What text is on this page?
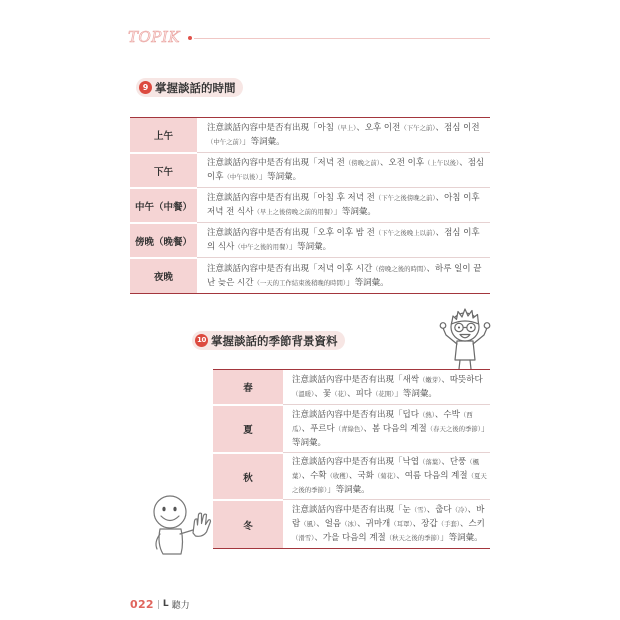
TOPIK
9 掌握談話的時間
上午
注意談話內容中是否有出現「아침（早上）、오후 이전（下午之前）、점심 이전（中午之前）」等詞彙。
下午
注意談話內容中是否有出現「저녁 전（傍晚之前）、오전 이후（上午以後）、점심 이후（中午以後）」等詞彙。
中午（中餐）
注意談話內容中是否有出現「아침 후 저녁 전（下午之後傍晚之前）、아침 이후 저녁 전 식사（早上之後傍晚之前的用餐）」等詞彙。
傍晚（晚餐）
注意談話內容中是否有出現「오후 이후 밤 전（下午之後晚上以前）、점심 이후의 식사（中午之後的用餐）」等詞彙。
夜晚
注意談話內容中是否有出現「저녁 이후 시간（傍晚之後的時間）、하루 일이 끝난 늦은 시간（一天的工作結束後稍晚的時間）」等詞彙。
10 掌握談話的季節背景資料
春
注意談話內容中是否有出現「새싹（嫩芽）、따뜻하다（溫暖）、꽃（花）、피다（花開）」等詞彙。
夏
注意談話內容中是否有出現「덥다（熱）、수박（西瓜）、푸르다（青綠色）、봄 다음의 계절（春天之後的季節）」等詞彙。
秋
注意談話內容中是否有出現「낙엽（落葉）、단풍（楓葉）、수확（收穫）、국화（菊花）、여름 다음의 계절（夏天之後的季節）」等詞彙。
冬
注意談話內容中是否有出現「눈（雪）、춥다（冷）、바람（風）、얼음（冰）、귀마개（耳罩）、장갑（手套）、스키（滑雪）、가을 다음의 계절（秋天之後的季節）」等詞彙。
022 L 聽力
